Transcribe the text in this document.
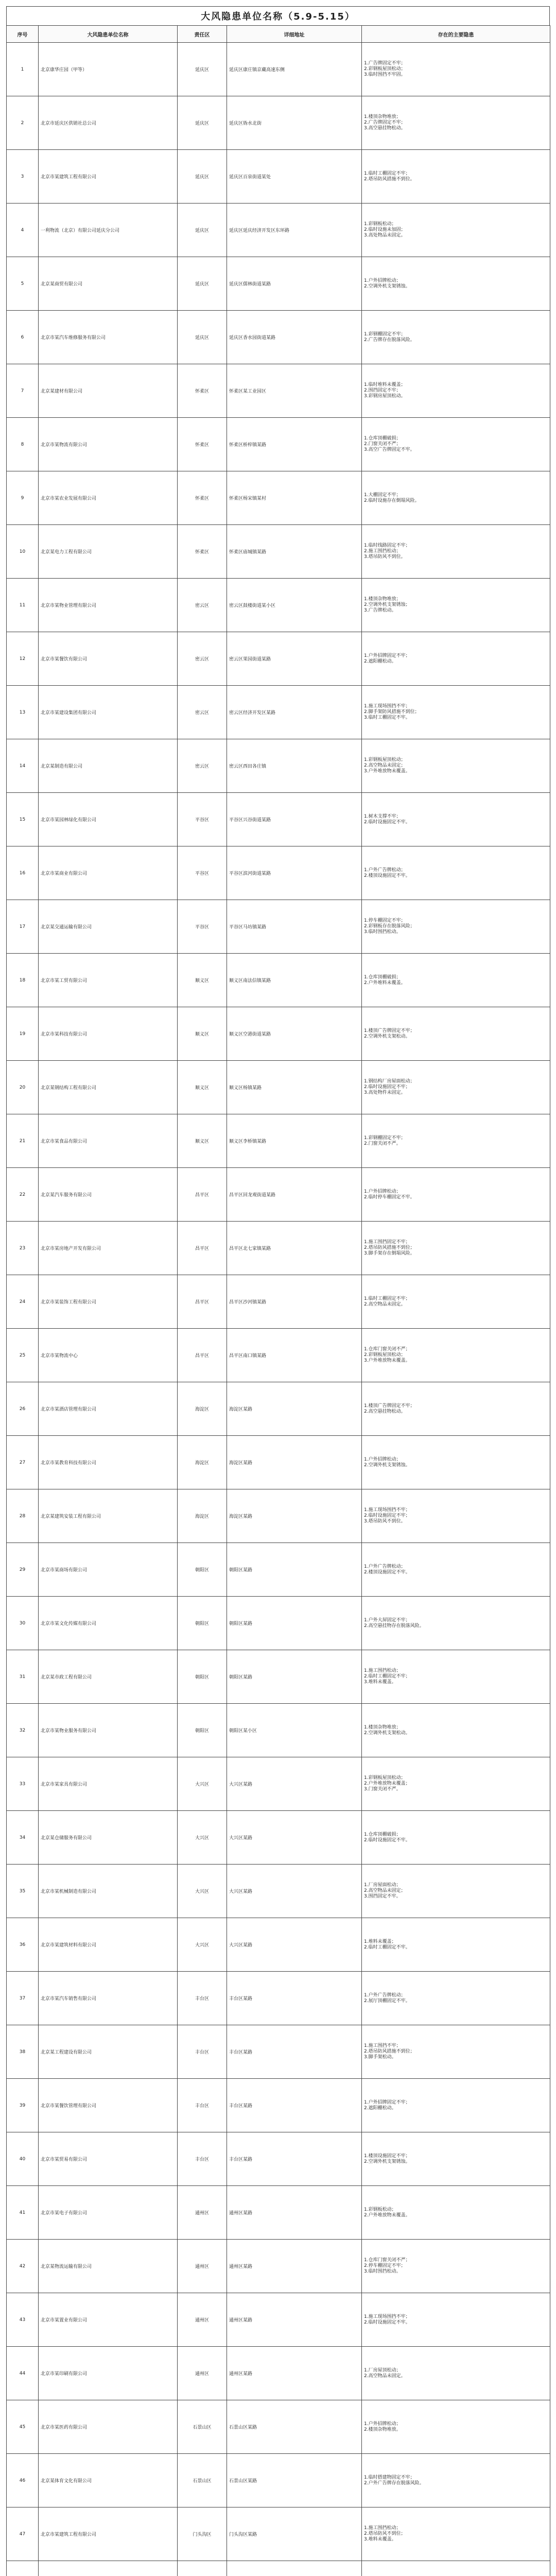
大风隐患单位名称（5.9-5.15）
序号	大风隐患单位名称	责任区	详细地址	存在的主要隐患
1	北京康华庄园（甲等）	延庆区	延庆区康庄镇京藏高速东侧	1.广告牌固定不牢；
2.彩钢板屋顶松动；
3.临时围挡不牢固。
2	北京市延庆区供销社总公司	延庆区	延庆区妫水北街	1.楼顶杂物堆放；
2.广告牌固定不牢；
3.高空悬挂物松动。
3	北京市某建筑工程有限公司	延庆区	延庆区百泉街道某处	1.临时工棚固定不牢；
2.塔吊防风措施不到位。
4	一利物流（北京）有限公司延庆分公司	延庆区	延庆区延庆经济开发区东环路	1.彩钢板松动；
2.临时设施未加固；
3.高处物品未固定。
5	北京某商贸有限公司	延庆区	延庆区儒林街道某路	1.户外招牌松动；
2.空调外机支架锈蚀。
6	北京市某汽车维修服务有限公司	延庆区	延庆区香水园街道某路	1.彩钢棚固定不牢；
2.广告牌存在脱落风险。
7	北京某建材有限公司	怀柔区	怀柔区某工业园区	1.临时堆料未覆盖；
2.围挡固定不牢；
3.彩钢房屋顶松动。
8	北京市某物流有限公司	怀柔区	怀柔区桥梓镇某路	1.仓库顶棚破损；
2.门窗关闭不严；
3.高空广告牌固定不牢。
9	北京市某农业发展有限公司	怀柔区	怀柔区杨宋镇某村	1.大棚固定不牢；
2.临时设施存在倒塌风险。
10	北京某电力工程有限公司	怀柔区	怀柔区庙城镇某路	1.临时线路固定不牢；
2.施工围挡松动；
3.塔吊防风不到位。
11	北京市某物业管理有限公司	密云区	密云区鼓楼街道某小区	1.楼顶杂物堆放；
2.空调外机支架锈蚀；
3.广告牌松动。
12	北京市某餐饮有限公司	密云区	密云区果园街道某路	1.户外招牌固定不牢；
2.遮阳棚松动。
13	北京市某建设集团有限公司	密云区	密云区经济开发区某路	1.施工现场围挡不牢；
2.脚手架防风措施不到位；
3.临时工棚固定不牢。
14	北京某制造有限公司	密云区	密云区西田各庄镇	1.彩钢板屋顶松动；
2.高空物品未固定；
3.户外堆放物未覆盖。
15	北京市某园林绿化有限公司	平谷区	平谷区兴谷街道某路	1.树木支撑不牢；
2.临时设施固定不牢。
16	北京市某商业有限公司	平谷区	平谷区滨河街道某路	1.户外广告牌松动；
2.楼顶设施固定不牢。
17	北京某交通运输有限公司	平谷区	平谷区马坊镇某路	1.停车棚固定不牢；
2.彩钢板存在脱落风险；
3.临时围挡松动。
18	北京市某工贸有限公司	顺义区	顺义区南法信镇某路	1.仓库顶棚破损；
2.户外堆料未覆盖。
19	北京市某科技有限公司	顺义区	顺义区空港街道某路	1.楼顶广告牌固定不牢；
2.空调外机支架松动。
20	北京某钢结构工程有限公司	顺义区	顺义区杨镇某路	1.钢结构厂房屋面松动；
2.临时设施固定不牢；
3.高处物件未固定。
21	北京市某食品有限公司	顺义区	顺义区李桥镇某路	1.彩钢棚固定不牢；
2.门窗关闭不严。
22	北京某汽车服务有限公司	昌平区	昌平区回龙观街道某路	1.户外招牌松动；
2.临时停车棚固定不牢。
23	北京市某房地产开发有限公司	昌平区	昌平区北七家镇某路	1.施工围挡固定不牢；
2.塔吊防风措施不到位；
3.脚手架存在倒塌风险。
24	北京市某装饰工程有限公司	昌平区	昌平区沙河镇某路	1.临时工棚固定不牢；
2.高空物品未固定。
25	北京市某物流中心	昌平区	昌平区南口镇某路	1.仓库门窗关闭不严；
2.彩钢板屋顶松动；
3.户外堆放物未覆盖。
26	北京市某酒店管理有限公司	海淀区	海淀区某路	1.楼顶广告牌固定不牢；
2.高空悬挂物松动。
27	北京市某教育科技有限公司	海淀区	海淀区某路	1.户外招牌松动；
2.空调外机支架锈蚀。
28	北京某建筑安装工程有限公司	海淀区	海淀区某路	1.施工现场围挡不牢；
2.临时设施固定不牢；
3.塔吊防风不到位。
29	北京市某商场有限公司	朝阳区	朝阳区某路	1.户外广告牌松动；
2.楼顶设施固定不牢。
30	北京市某文化传媒有限公司	朝阳区	朝阳区某路	1.户外大屏固定不牢；
2.高空悬挂物存在脱落风险。
31	北京某市政工程有限公司	朝阳区	朝阳区某路	1.施工围挡松动；
2.临时工棚固定不牢；
3.堆料未覆盖。
32	北京市某物业服务有限公司	朝阳区	朝阳区某小区	1.楼顶杂物堆放；
2.空调外机支架松动。
33	北京市某家具有限公司	大兴区	大兴区某路	1.彩钢板屋顶松动；
2.户外堆放物未覆盖；
3.门窗关闭不严。
34	北京某仓储服务有限公司	大兴区	大兴区某路	1.仓库顶棚破损；
2.临时设施固定不牢。
35	北京市某机械制造有限公司	大兴区	大兴区某路	1.厂房屋面松动；
2.高空物品未固定；
3.围挡固定不牢。
36	北京市某建筑材料有限公司	大兴区	大兴区某路	1.堆料未覆盖；
2.临时工棚固定不牢。
37	北京市某汽车销售有限公司	丰台区	丰台区某路	1.户外广告牌松动；
2.展厅顶棚固定不牢。
38	北京某工程建设有限公司	丰台区	丰台区某路	1.施工围挡不牢；
2.塔吊防风措施不到位；
3.脚手架松动。
39	北京市某餐饮管理有限公司	丰台区	丰台区某路	1.户外招牌固定不牢；
2.遮阳棚松动。
40	北京市某贸易有限公司	丰台区	丰台区某路	1.楼顶设施固定不牢；
2.空调外机支架锈蚀。
41	北京市某电子有限公司	通州区	通州区某路	1.彩钢板松动；
2.户外堆放物未覆盖。
42	北京某物流运输有限公司	通州区	通州区某路	1.仓库门窗关闭不严；
2.停车棚固定不牢；
3.临时围挡松动。
43	北京市某置业有限公司	通州区	通州区某路	1.施工现场围挡不牢；
2.临时设施固定不牢。
44	北京市某印刷有限公司	通州区	通州区某路	1.厂房屋顶松动；
2.高空物品未固定。
45	北京市某医药有限公司	石景山区	石景山区某路	1.户外招牌松动；
2.楼顶杂物堆放。
46	北京某体育文化有限公司	石景山区	石景山区某路	1.临时搭建物固定不牢；
2.户外广告牌存在脱落风险。
47	北京市某建筑工程有限公司	门头沟区	门头沟区某路	1.施工围挡松动；
2.塔吊防风不到位；
3.堆料未覆盖。
